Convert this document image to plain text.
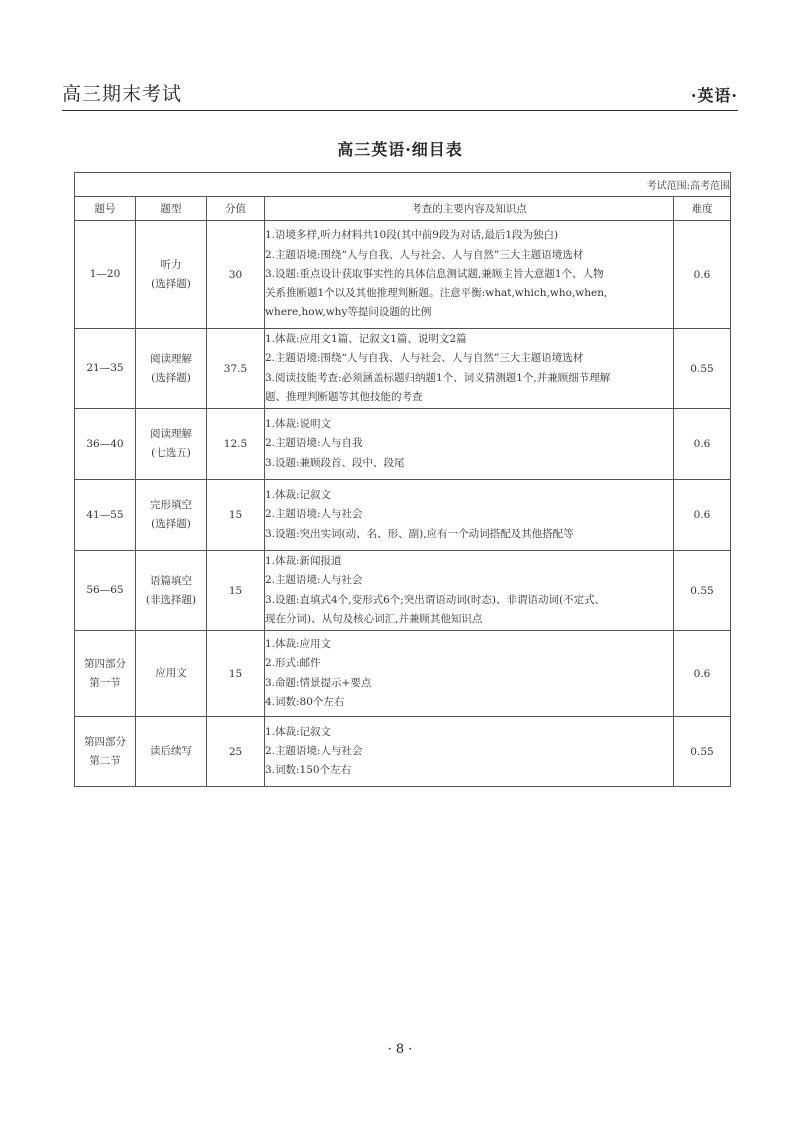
高三期末考试	·英语·
高三英语·细目表
考试范围:高考范围				
题号	题型	分值	考查的主要内容及知识点	难度

1—20	听力
(选择题)	30	1.语境多样,听力材料共10段(其中前9段为对话,最后1段为独白)
2.主题语境:围绕“人与自我、人与社会、人与自然”三大主题语境选材
3.设题:重点设计获取事实性的具体信息测试题,兼顾主旨大意题1个、人物
关系推断题1个以及其他推理判断题。注意平衡:what,which,who,when,
where,how,why等提问设题的比例	0.6

21—35	阅读理解
(选择题)	37.5	1.体裁:应用文1篇、记叙文1篇、说明文2篇
2.主题语境:围绕“人与自我、人与社会、人与自然”三大主题语境选材
3.阅读技能考查:必须涵盖标题归纳题1个、词义猜测题1个,并兼顾细节理解
题、推理判断题等其他技能的考查	0.55

36—40	阅读理解
(七选五)	12.5	1.体裁:说明文
2.主题语境:人与自我
3.设题:兼顾段首、段中、段尾	0.6

41—55	完形填空
(选择题)	15	1.体裁:记叙文
2.主题语境:人与社会
3.设题:突出实词(动、名、形、副),应有一个动词搭配及其他搭配等	0.6

56—65	语篇填空
(非选择题)	15	1.体裁:新闻报道
2.主题语境:人与社会
3.设题:直填式4个,变形式6个;突出谓语动词(时态)、非谓语动词(不定式、
现在分词)、从句及核心词汇,并兼顾其他知识点	0.55

第四部分
第一节	应用文	15	1.体裁:应用文
2.形式:邮件
3.命题:情景提示+要点
4.词数:80个左右	0.6

第四部分
第二节	读后续写	25	1.体裁:记叙文
2.主题语境:人与社会
3.词数:150个左右	0.55
· 8 ·
